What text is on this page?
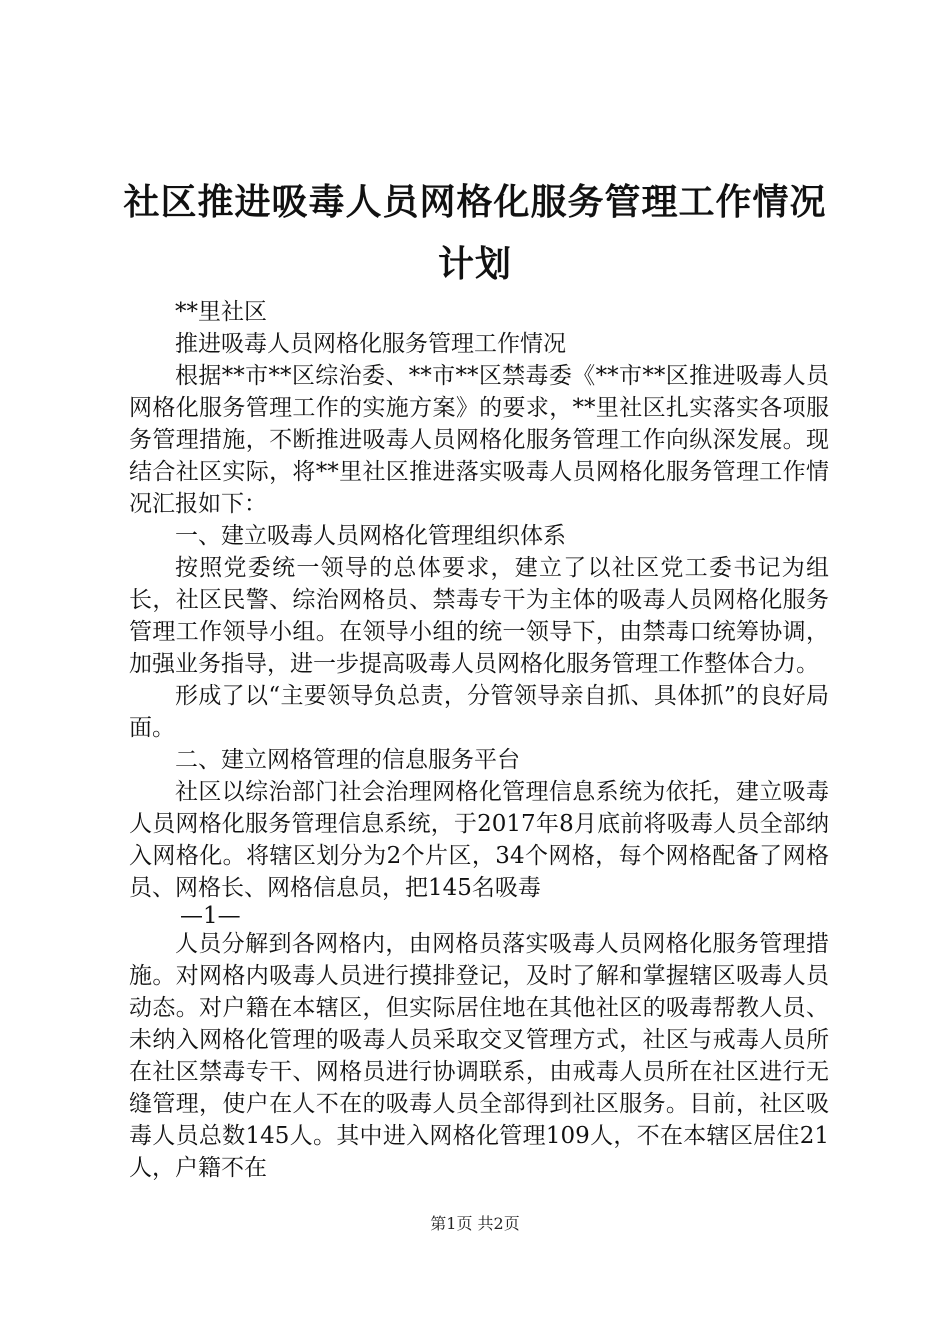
社区推进吸毒人员网格化服务管理工作情况计划

**里社区

推进吸毒人员网格化服务管理工作情况

根据**市**区综治委、**市**区禁毒委《**市**区推进吸毒人员网格化服务管理工作的实施方案》的要求，**里社区扎实落实各项服务管理措施，不断推进吸毒人员网格化服务管理工作向纵深发展。现结合社区实际，将**里社区推进落实吸毒人员网格化服务管理工作情况汇报如下：

一、建立吸毒人员网格化管理组织体系

按照党委统一领导的总体要求，建立了以社区党工委书记为组长，社区民警、综治网格员、禁毒专干为主体的吸毒人员网格化服务管理工作领导小组。在领导小组的统一领导下，由禁毒口统筹协调，加强业务指导，进一步提高吸毒人员网格化服务管理工作整体合力。

形成了以“主要领导负总责，分管领导亲自抓、具体抓”的良好局面。

二、建立网格管理的信息服务平台

社区以综治部门社会治理网格化管理信息系统为依托，建立吸毒人员网格化服务管理信息系统，于2017年8月底前将吸毒人员全部纳入网格化。将辖区划分为2个片区，34个网格，每个网格配备了网格员、网格长、网格信息员，把145名吸毒

—1—

人员分解到各网格内，由网格员落实吸毒人员网格化服务管理措施。对网格内吸毒人员进行摸排登记，及时了解和掌握辖区吸毒人员动态。对户籍在本辖区，但实际居住地在其他社区的吸毒帮教人员、未纳入网格化管理的吸毒人员采取交叉管理方式，社区与戒毒人员所在社区禁毒专干、网格员进行协调联系，由戒毒人员所在社区进行无缝管理，使户在人不在的吸毒人员全部得到社区服务。目前，社区吸毒人员总数145人。其中进入网格化管理109人，不在本辖区居住21人，户籍不在

第1页 共2页
